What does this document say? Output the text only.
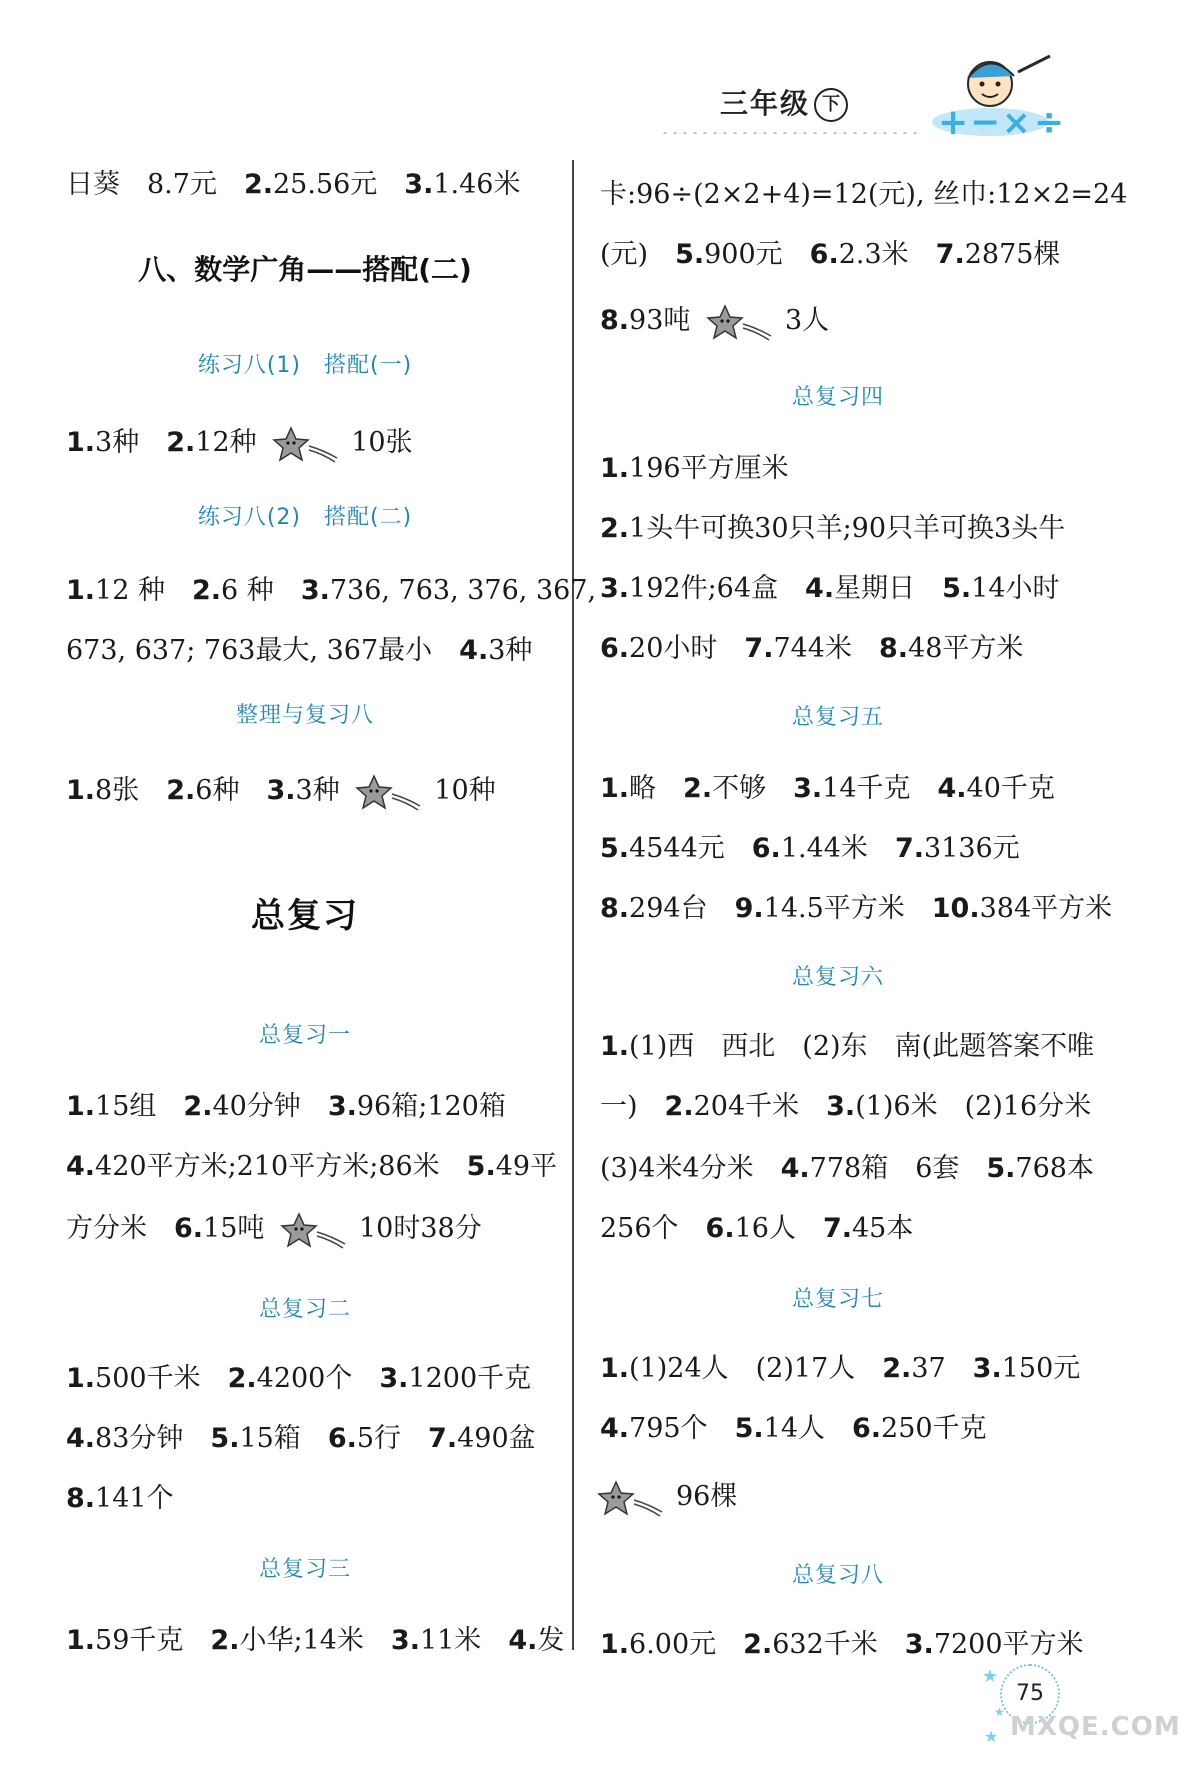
三年级 下	+ − × ÷
日葵　8.7元　 2.25.56元　 3.1.46米
八、数学广角——搭配(二)
练习八(1)　搭配(一)
1.3种　 2.12种	10张
练习八(2)　搭配(二)
1.12 种　 2.6 种　 3.736, 763, 376, 367,
673, 637; 763最大, 367最小　 4.3种
整理与复习八
1.8张　 2.6种　 3.3种	10种
总复习
总复习一
1.15组　 2.40分钟　 3.96箱;120箱
4.420平方米;210平方米;86米　 5.49平
方分米　 6.15吨	10时38分
总复习二
1.500千米　 2.4200个　 3.1200千克
4.83分钟　 5.15箱　 6.5行　 7.490盆
8.141个
总复习三
1.59千克　 2.小华;14米　 3.11米　 4.发
卡:96÷(2×2+4)=12(元), 丝巾:12×2=24
(元)　 5.900元　 6.2.3米　 7.2875棵
8.93吨	3人
总复习四
1.196平方厘米
2.1头牛可换30只羊;90只羊可换3头牛
3.192件;64盒　 4.星期日　 5.14小时
6.20小时　 7.744米　 8.48平方米
总复习五
1.略　 2.不够　 3.14千克　 4.40千克
5.4544元　 6.1.44米　 7.3136元
8.294台　 9.14.5平方米　 10.384平方米
总复习六
1.(1)西　西北　(2)东　南(此题答案不唯
一)　 2.204千米　 3.(1)6米　(2)16分米
(3)4米4分米　 4.778箱　6套　 5.768本
256个　 6.16人　 7.45本
总复习七
1.(1)24人　(2)17人　 2.37　 3.150元
4.795个　 5.14人　 6.250千克
96棵
总复习八
1.6.00元　 2.632千米　 3.7200平方米
★
★
★
75
MXQE.COM
